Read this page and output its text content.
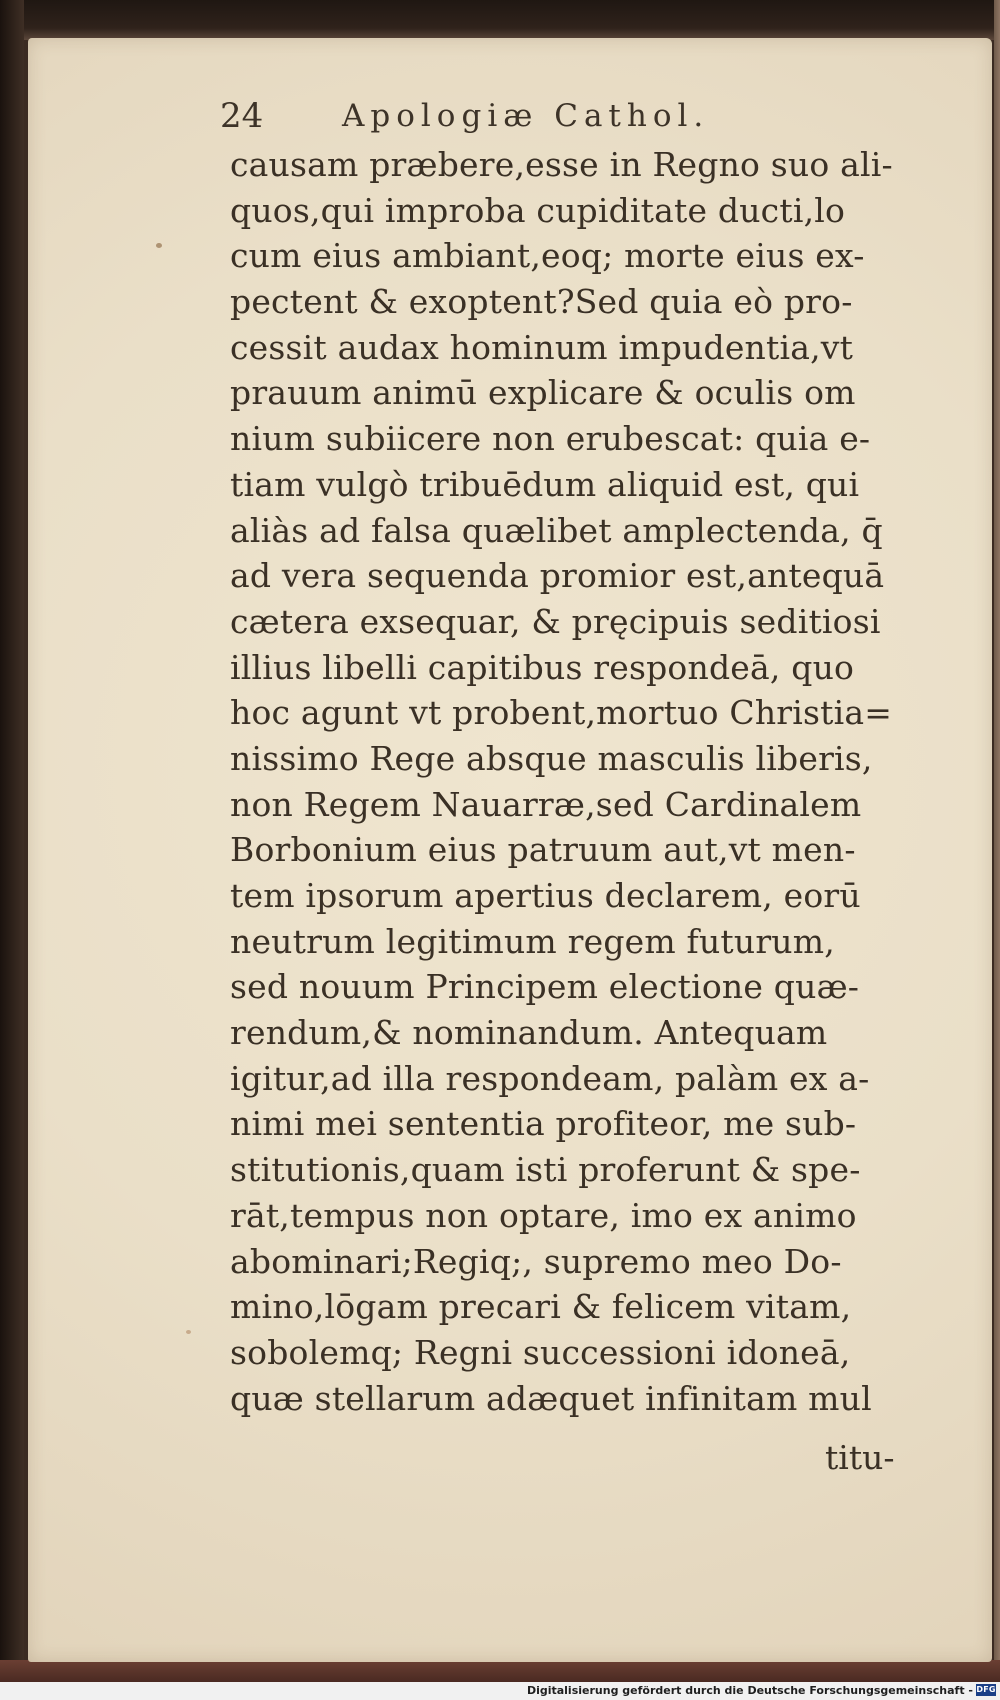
24	Apologiæ Cathol.
causam præbere,esse in Regno suo ali-
quos,qui improba cupiditate ducti,lo
cum eius ambiant,eoq; morte eius ex-
pectent & exoptent?Sed quia eò pro-
cessit audax hominum impudentia,vt
prauum animū explicare & oculis om
nium subiicere non erubescat: quia e-
tiam vulgò tribuēdum aliquid est, qui
aliàs ad falsa quælibet amplectenda, q̄
ad vera sequenda promior est,antequā
cætera exsequar, & pręcipuis seditiosi
illius libelli capitibus respondeā, quo
hoc agunt vt probent,mortuo Christia=
nissimo Rege absque masculis liberis,
non Regem Nauarræ,sed Cardinalem
Borbonium eius patruum aut,vt men-
tem ipsorum apertius declarem, eorū
neutrum legitimum regem futurum,
sed nouum Principem electione quæ-
rendum,& nominandum. Antequam
igitur,ad illa respondeam, palàm ex a-
nimi mei sententia profiteor, me sub-
stitutionis,quam isti proferunt & spe-
rāt,tempus non optare, imo ex animo
abominari;Regiq;, supremo meo Do-
mino,lōgam precari & felicem vitam,
sobolemq; Regni successioni idoneā,
quæ stellarum adæquet infinitam mul
titu-
Digitalisierung gefördert durch die Deutsche Forschungsgemeinschaft - DFG
